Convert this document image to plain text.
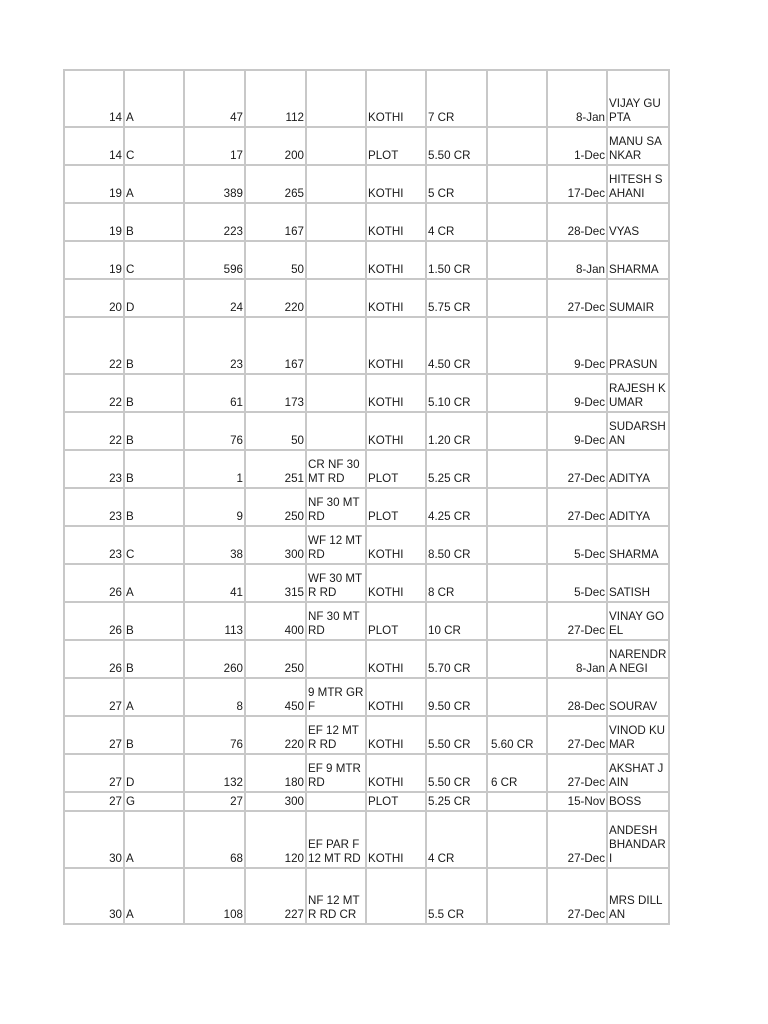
14	A	47	112		KOTHI	7 CR		8-Jan	VIJAY GUPTA
14	C	17	200		PLOT	5.50 CR		1-Dec	MANU SANKAR
19	A	389	265		KOTHI	5 CR		17-Dec	HITESH SAHANI
19	B	223	167		KOTHI	4 CR		28-Dec	VYAS
19	C	596	50		KOTHI	1.50 CR		8-Jan	SHARMA
20	D	24	220		KOTHI	5.75 CR		27-Dec	SUMAIR
22	B	23	167		KOTHI	4.50 CR		9-Dec	PRASUN
22	B	61	173		KOTHI	5.10 CR		9-Dec	RAJESH KUMAR
22	B	76	50		KOTHI	1.20 CR		9-Dec	SUDARSHAN
23	B	1	251	CR NF 30 MT RD	PLOT	5.25 CR		27-Dec	ADITYA
23	B	9	250	NF 30 MT RD	PLOT	4.25 CR		27-Dec	ADITYA
23	C	38	300	WF 12 MT RD	KOTHI	8.50 CR		5-Dec	SHARMA
26	A	41	315	WF 30 MTR RD	KOTHI	8 CR		5-Dec	SATISH
26	B	113	400	NF 30 MT RD	PLOT	10 CR		27-Dec	VINAY GOEL
26	B	260	250		KOTHI	5.70 CR		8-Jan	NARENDRA NEGI
27	A	8	450	9 MTR GRF	KOTHI	9.50 CR		28-Dec	SOURAV
27	B	76	220	EF 12 MTR RD	KOTHI	5.50 CR	5.60 CR	27-Dec	VINOD KUMAR
27	D	132	180	EF 9 MTR RD	KOTHI	5.50 CR	6 CR	27-Dec	AKSHAT JAIN
27	G	27	300		PLOT	5.25 CR		15-Nov	BOSS
30	A	68	120	EF PAR F 12 MT RD	KOTHI	4 CR		27-Dec	ANDESH BHANDARI
30	A	108	227	NF 12 MTR RD CR		5.5 CR		27-Dec	MRS DILLAN
